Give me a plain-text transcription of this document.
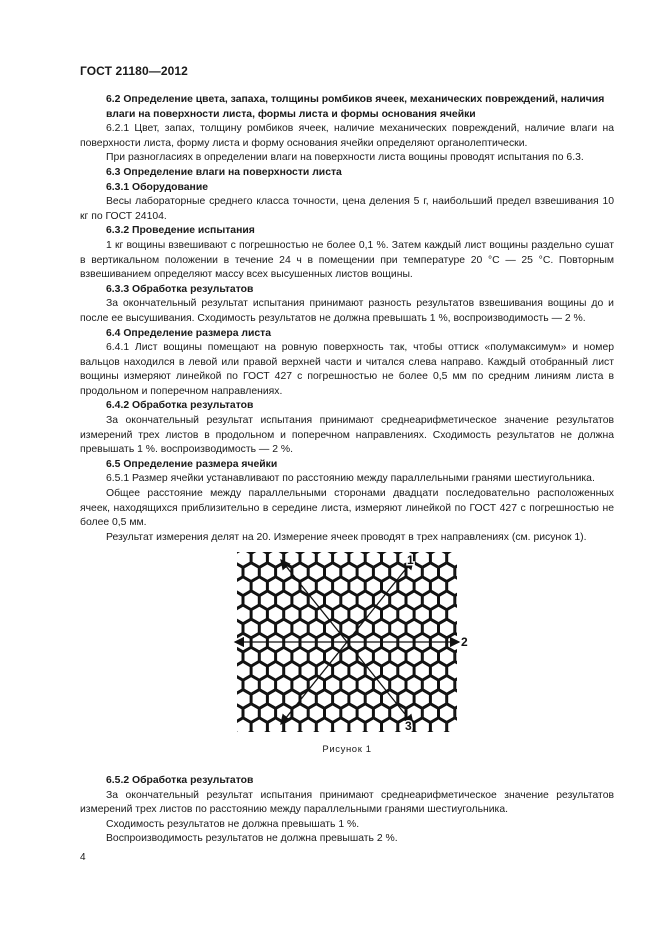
ГОСТ 21180—2012

6.2 Определение цвета, запаха, толщины ромбиков ячеек, механических повреждений, наличия влаги на поверхности листа, формы листа и формы основания ячейки

6.2.1 Цвет, запах, толщину ромбиков ячеек, наличие механических повреждений, наличие влаги на поверхности листа, форму листа и форму основания ячейки определяют органолептически.

При разногласиях в определении влаги на поверхности листа вощины проводят испытания по 6.3.

6.3 Определение влаги на поверхности листа

6.3.1 Оборудование

Весы лабораторные среднего класса точности, цена деления 5 г, наибольший предел взвешивания 10 кг по ГОСТ 24104.

6.3.2 Проведение испытания

1 кг вощины взвешивают с погрешностью не более 0,1 %. Затем каждый лист вощины раздельно сушат в вертикальном положении в течение 24 ч в помещении при температуре 20 °С — 25 °С. Повторным взвешиванием определяют массу всех высушенных листов вощины.

6.3.3 Обработка результатов

За окончательный результат испытания принимают разность результатов взвешивания вощины до и после ее высушивания. Сходимость результатов не должна превышать 1 %, воспроизводимость — 2 %.

6.4 Определение размера листа

6.4.1 Лист вощины помещают на ровную поверхность так, чтобы оттиск «полумаксимум» и номер вальцов находился в левой или правой верхней части и читался слева направо. Каждый отобранный лист вощины измеряют линейкой по ГОСТ 427 с погрешностью не более 0,5 мм по средним линиям листа в продольном и поперечном направлениях.

6.4.2 Обработка результатов

За окончательный результат испытания принимают среднеарифметическое значение результатов измерений трех листов в продольном и поперечном направлениях. Сходимость результатов не должна превышать 1 %. воспроизводимость — 2 %.

6.5 Определение размера ячейки

6.5.1 Размер ячейки устанавливают по расстоянию между параллельными гранями шестиугольника.

Общее расстояние между параллельными сторонами двадцати последовательно расположенных ячеек, находящихся приблизительно в середине листа, измеряют линейкой по ГОСТ 427 с погрешностью не более 0,5 мм.

Результат измерения делят на 20. Измерение ячеек проводят в трех направлениях (см. рисунок 1).

1
2
3
Рисунок 1

6.5.2 Обработка результатов

За окончательный результат испытания принимают среднеарифметическое значение результатов измерений трех листов по расстоянию между параллельными гранями шестиугольника.

Сходимость результатов не должна превышать 1 %.

Воспроизводимость результатов не должна превышать 2 %.

4
